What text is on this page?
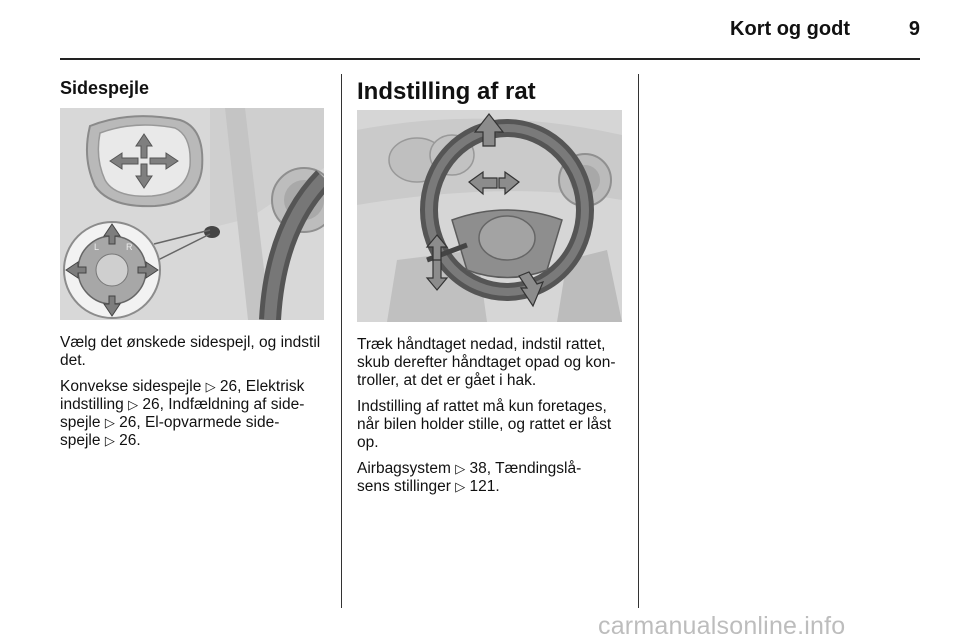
Kort og godt	9
Sidespejle
L	R

Vælg det ønskede sidespejl, og indstil det.

Konvekse sidespejle ▷ 26, Elektrisk
indstilling ▷ 26, Indfældning af side-
spejle ▷ 26, El-opvarmede side-
spejle ▷ 26.

Indstilling af rat

Træk håndtaget nedad, indstil rattet,
skub derefter håndtaget opad og kon-
troller, at det er gået i hak.

Indstilling af rattet må kun foretages,
når bilen holder stille, og rattet er låst
op.

Airbagsystem ▷ 38, Tændingslå-
sens stillinger ▷ 121.

carmanualsonline.info
